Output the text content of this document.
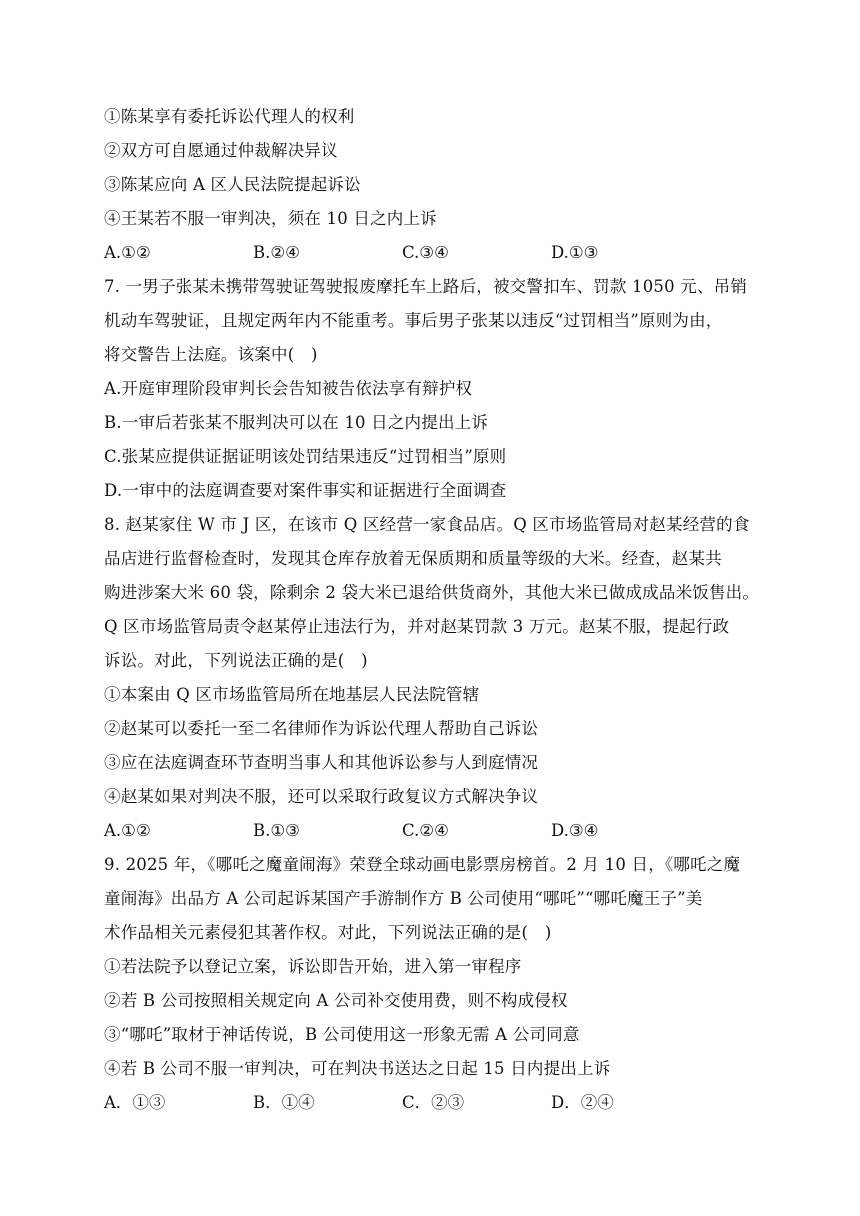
①陈某享有委托诉讼代理人的权利
②双方可自愿通过仲裁解决异议
③陈某应向 A 区人民法院提起诉讼
④王某若不服一审判决，须在 10 日之内上诉
A.①②	B.②④	C.③④	D.①③
7. 一男子张某未携带驾驶证驾驶报废摩托车上路后，被交警扣车、罚款 1050 元、吊销
机动车驾驶证，且规定两年内不能重考。事后男子张某以违反“过罚相当”原则为由，
将交警告上法庭。该案中(　)
A.开庭审理阶段审判长会告知被告依法享有辩护权
B.一审后若张某不服判决可以在 10 日之内提出上诉
C.张某应提供证据证明该处罚结果违反“过罚相当”原则
D.一审中的法庭调查要对案件事实和证据进行全面调查
8. 赵某家住 W 市 J 区，在该市 Q 区经营一家食品店。Q 区市场监管局对赵某经营的食
品店进行监督检查时，发现其仓库存放着无保质期和质量等级的大米。经查，赵某共
购进涉案大米 60 袋，除剩余 2 袋大米已退给供货商外，其他大米已做成成品米饭售出。
Q 区市场监管局责令赵某停止违法行为，并对赵某罚款 3 万元。赵某不服，提起行政
诉讼。对此，下列说法正确的是(　)
①本案由 Q 区市场监管局所在地基层人民法院管辖
②赵某可以委托一至二名律师作为诉讼代理人帮助自己诉讼
③应在法庭调查环节查明当事人和其他诉讼参与人到庭情况
④赵某如果对判决不服，还可以采取行政复议方式解决争议
A.①②	B.①③	C.②④	D.③④
9. 2025 年，《哪吒之魔童闹海》荣登全球动画电影票房榜首。2 月 10 日，《哪吒之魔
童闹海》出品方 A 公司起诉某国产手游制作方 B 公司使用“哪吒”“哪吒魔王子”美
术作品相关元素侵犯其著作权。对此，下列说法正确的是(　)
①若法院予以登记立案，诉讼即告开始，进入第一审程序
②若 B 公司按照相关规定向 A 公司补交使用费，则不构成侵权
③“哪吒”取材于神话传说，B 公司使用这一形象无需 A 公司同意
④若 B 公司不服一审判决，可在判决书送达之日起 15 日内提出上诉
A．①③	B．①④	C．②③	D．②④
